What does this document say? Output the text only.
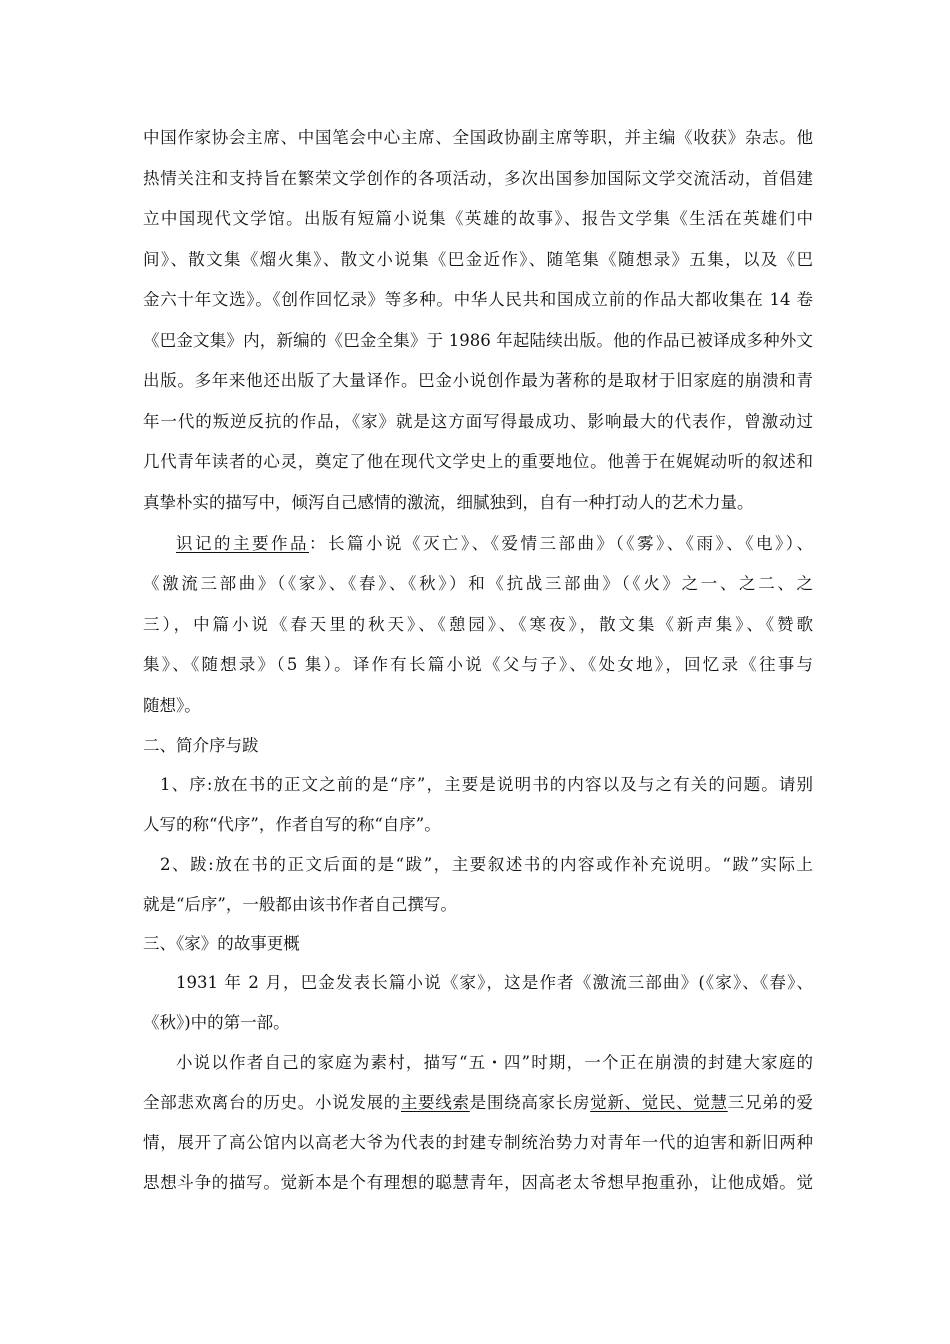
中国作家协会主席、中国笔会中心主席、全国政协副主席等职，并主编《收获》杂志。他
热情关注和支持旨在繁荣文学创作的各项活动，多次出国参加国际文学交流活动，首倡建
立中国现代文学馆。出版有短篇小说集《英雄的故事》、报告文学集《生活在英雄们中
间》、散文集《熘火集》、散文小说集《巴金近作》、随笔集《随想录》五集，以及《巴
金六十年文选》。《创作回忆录》等多种。中华人民共和国成立前的作品大都收集在 14 卷
《巴金文集》内，新编的《巴金全集》于 1986 年起陆续出版。他的作品已被译成多种外文
出版。多年来他还出版了大量译作。巴金小说创作最为著称的是取材于旧家庭的崩溃和青
年一代的叛逆反抗的作品，《家》就是这方面写得最成功、影响最大的代表作，曾激动过
几代青年读者的心灵，奠定了他在现代文学史上的重要地位。他善于在娓娓动听的叙述和
真挚朴实的描写中，倾泻自己感情的激流，细腻独到，自有一种打动人的艺术力量。
识记的主要作品：长篇小说《灭亡》、《爱情三部曲》（《雾》、《雨》、《电》）、
《激流三部曲》（《家》、《春》、《秋》）和《抗战三部曲》（《火》之一、之二、之
三），中篇小说《春天里的秋天》、《憩园》、《寒夜》，散文集《新声集》、《赞歌
集》、《随想录》（5 集）。译作有长篇小说《父与子》、《处女地》，回忆录《往事与
随想》。
二、简介序与跋
1、序:放在书的正文之前的是“序”，主要是说明书的内容以及与之有关的问题。请别
人写的称“代序”，作者自写的称“自序”。
2、跋:放在书的正文后面的是“跋”，主要叙述书的内容或作补充说明。“跋”实际上
就是“后序”，一般都由该书作者自己撰写。
三、《家》的故事更概
1931 年 2 月，巴金发表长篇小说《家》，这是作者《激流三部曲》(《家》、《春》、
《秋》)中的第一部。
小说以作者自己的家庭为素村，描写“五・四”时期，一个正在崩溃的封建大家庭的
全部悲欢离台的历史。小说发展的主要线索是围绕高家长房觉新、觉民、觉慧三兄弟的爱
情，展开了高公馆内以高老大爷为代表的封建专制统治势力对青年一代的迫害和新旧两种
思想斗争的描写。觉新本是个有理想的聪慧青年，因高老太爷想早抱重孙，让他成婚。觉
